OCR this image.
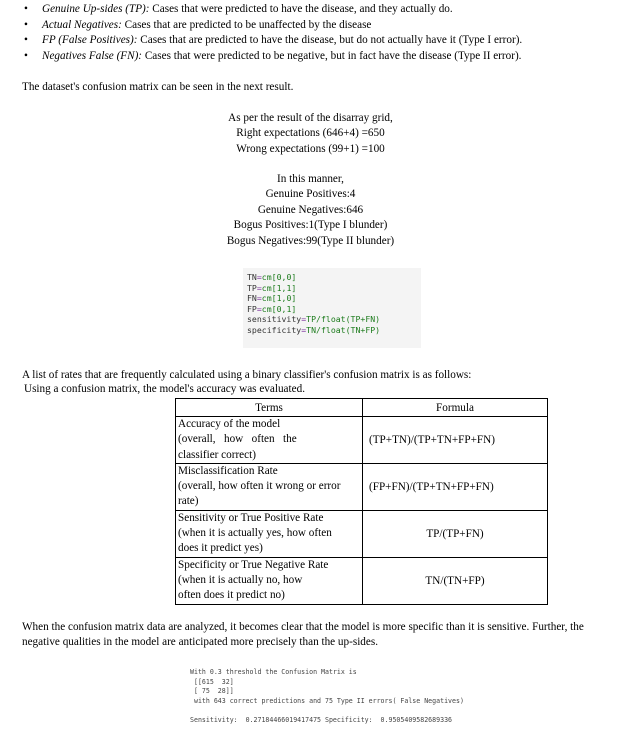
• Genuine Up-sides (TP): Cases that were predicted to have the disease, and they actually do.
• Actual Negatives: Cases that are predicted to be unaffected by the disease
• FP (False Positives): Cases that are predicted to have the disease, but do not actually have it (Type I error).
• Negatives False (FN): Cases that were predicted to be negative, but in fact have the disease (Type II error).
The dataset's confusion matrix can be seen in the next result.
As per the result of the disarray grid,
Right expectations (646+4) =650
Wrong expectations (99+1) =100
In this manner,
Genuine Positives:4
Genuine Negatives:646
Bogus Positives:1(Type I blunder)
Bogus Negatives:99(Type II blunder)
TN=cm[0,0]
TP=cm[1,1]
FN=cm[1,0]
FP=cm[0,1]
sensitivity=TP/float(TP+FN)
specificity=TN/float(TN+FP)
A list of rates that are frequently calculated using a binary classifier's confusion matrix is as follows:
Using a confusion matrix, the model's accuracy was evaluated.
Terms	Formula

Accuracy of the model
(overall,   how   often   the
classifier correct)	(TP+TN)/(TP+TN+FP+FN)

Misclassification Rate
(overall, how often it wrong or error
rate)	(FP+FN)/(TP+TN+FP+FN)

Sensitivity or True Positive Rate
(when it is actually yes, how often
does it predict yes)	TP/(TP+FN)

Specificity or True Negative Rate
(when it is actually no, how
often does it predict no)	TN/(TN+FP)
When the confusion matrix data are analyzed, it becomes clear that the model is more specific than it is sensitive. Further, the
negative qualities in the model are anticipated more precisely than the up-sides.
With 0.3 threshold the Confusion Matrix is
[[615  32]
[ 75  28]]
with 643 correct predictions and 75 Type II errors( False Negatives)
Sensitivity:  0.27184466019417475 Specificity:  0.9505409582689336
